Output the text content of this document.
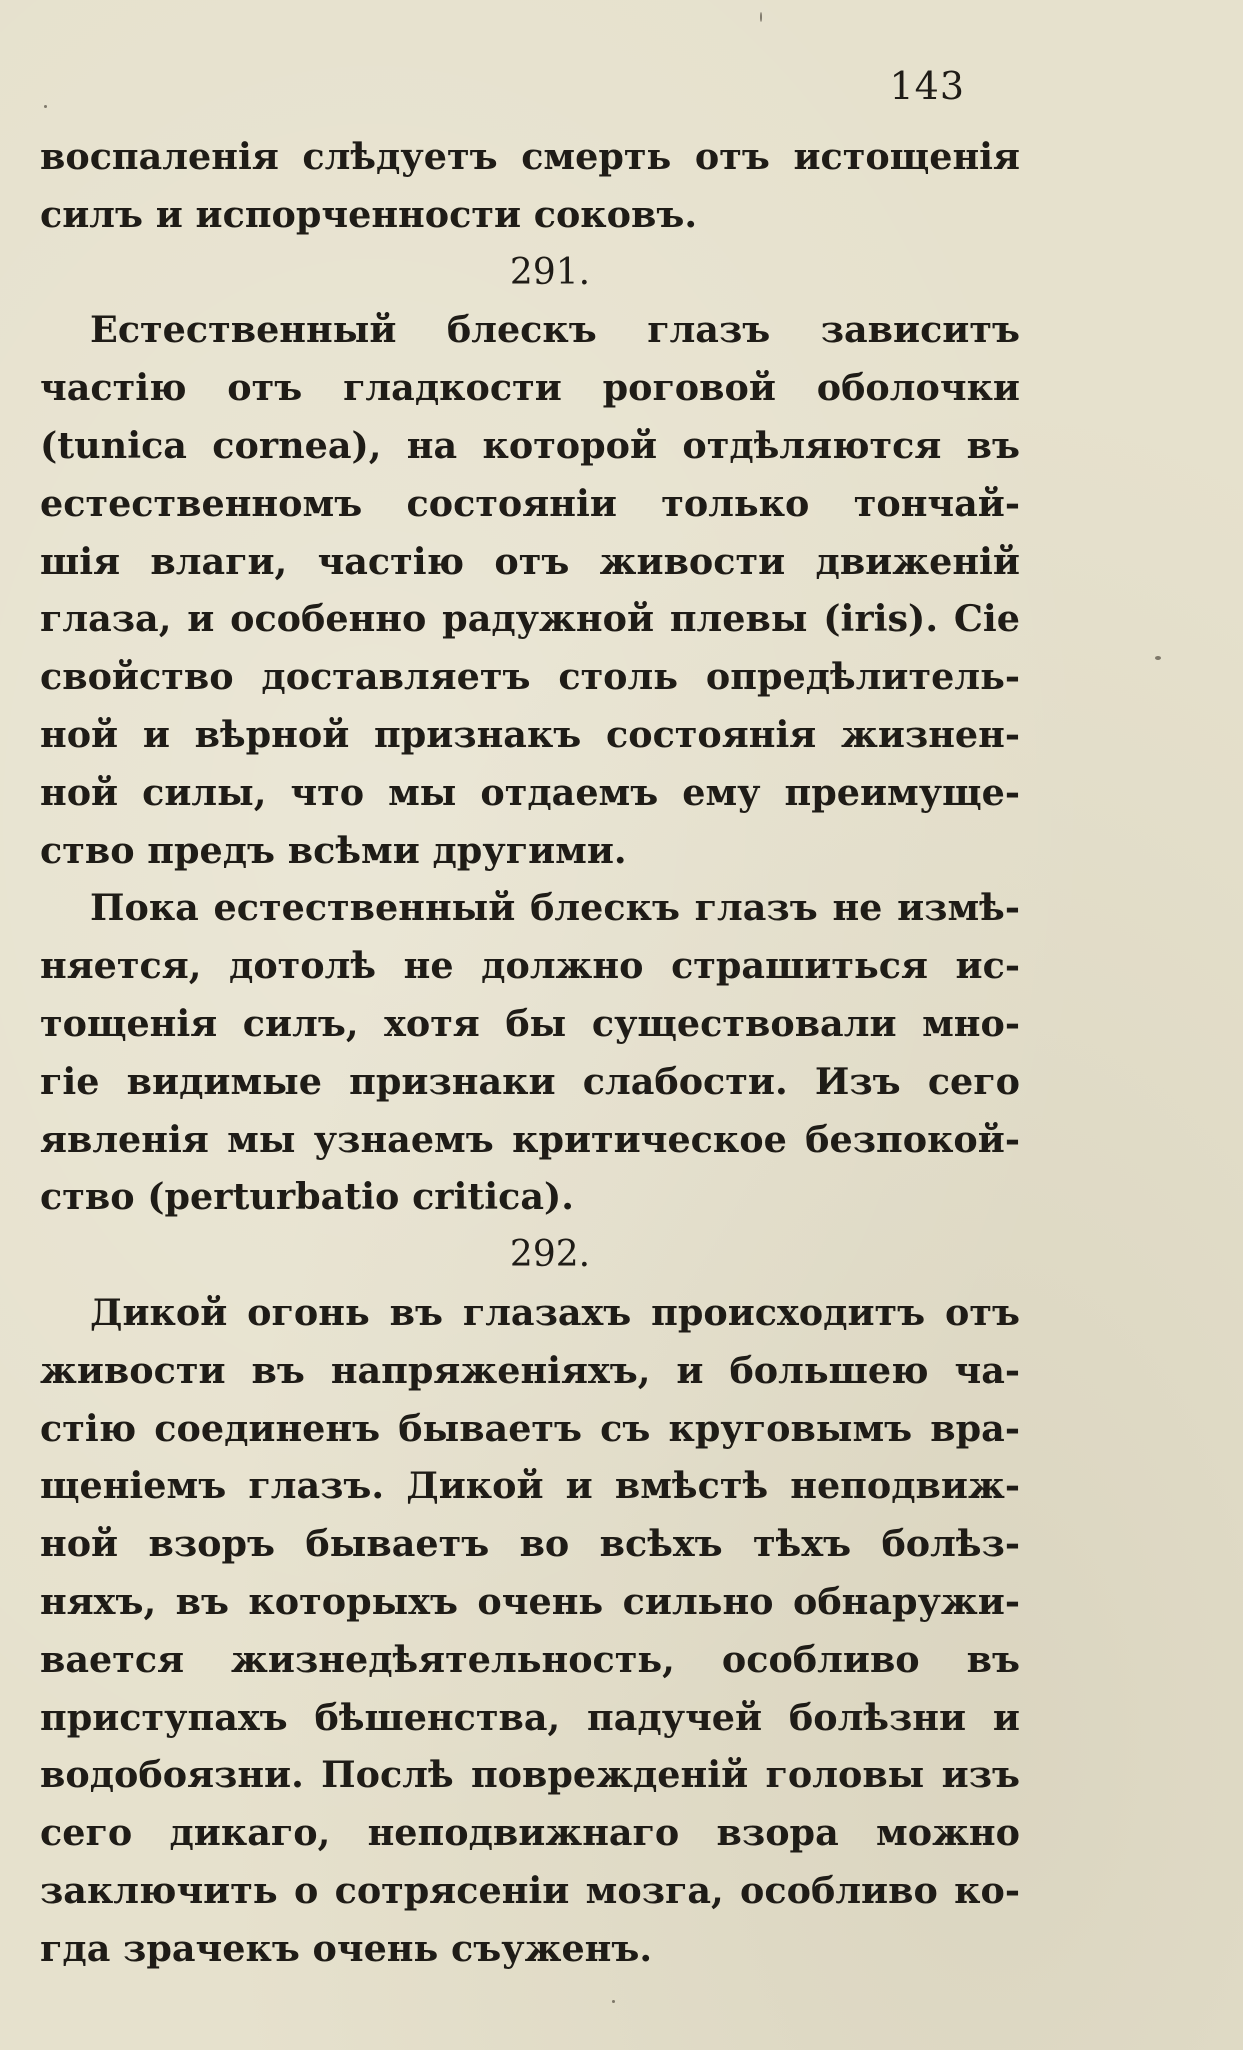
143
воспаленія слѣдуетъ смерть отъ истощенія
силъ и испорченности соковъ.
291.
Естественный блескъ глазъ зависитъ
частію отъ гладкости роговой оболочки
(tunica cornea), на которой отдѣляются въ
естественномъ состояніи только тончай-
шія влаги, частію отъ живости движеній
глаза, и особенно радужной плевы (iris). Сіе
свойство доставляетъ столь опредѣлитель-
ной и вѣрной признакъ состоянія жизнен-
ной силы, что мы отдаемъ ему преимуще-
ство предъ всѣми другими.
Пока естественный блескъ глазъ не измѣ-
няется, дотолѣ не должно страшиться ис-
тощенія силъ, хотя бы существовали мно-
гіе видимые признаки слабости. Изъ сего
явленія мы узнаемъ критическое безпокой-
ство (perturbatio critica).
292.
Дикой огонь въ глазахъ происходитъ отъ
живости въ напряженіяхъ, и большею ча-
стію соединенъ бываетъ съ круговымъ вра-
щеніемъ глазъ. Дикой и вмѣстѣ неподвиж-
ной взоръ бываетъ во всѣхъ тѣхъ болѣз-
няхъ, въ которыхъ очень сильно обнаружи-
вается жизнедѣятельность, особливо въ
приступахъ бѣшенства, падучей болѣзни и
водобоязни. Послѣ поврежденій головы изъ
сего дикаго, неподвижнаго взора можно
заключить о сотрясеніи мозга, особливо ко-
гда зрачекъ очень съуженъ.
